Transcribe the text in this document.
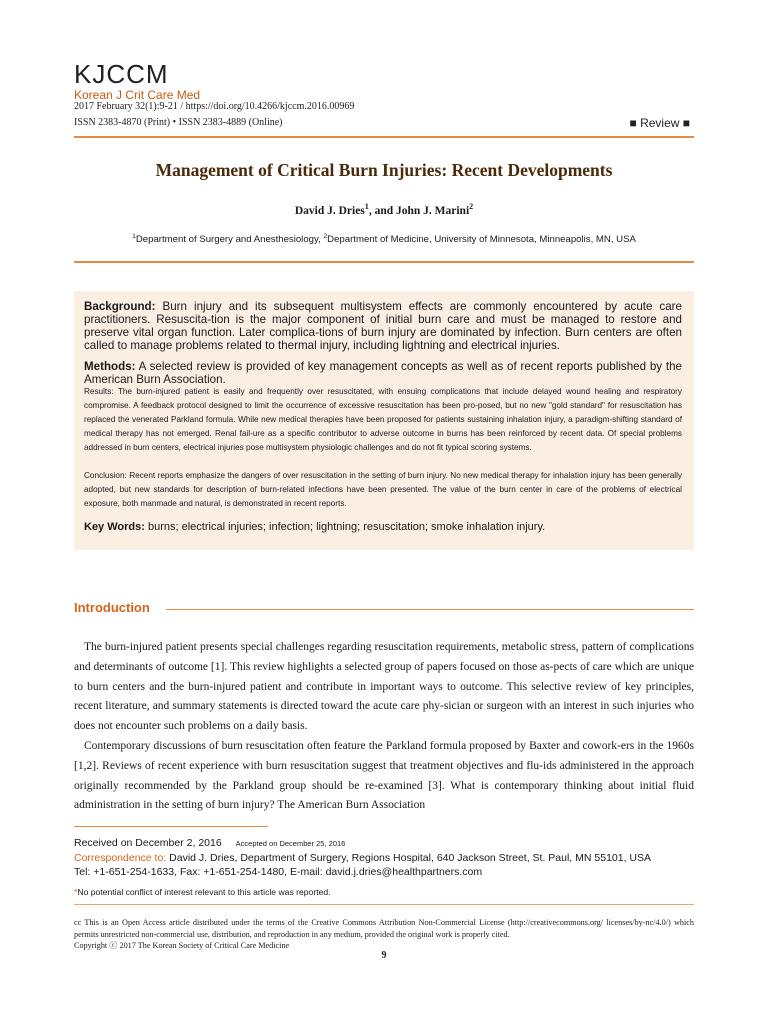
KJCCM
Korean J Crit Care Med
2017 February 32(1):9-21 / https://doi.org/10.4266/kjccm.2016.00969
ISSN 2383-4870 (Print) • ISSN 2383-4889 (Online)	■ Review ■
Management of Critical Burn Injuries: Recent Developments
David J. Dries$^1$, and John J. Marini$^2$
$^1$Department of Surgery and Anesthesiology, $^2$Department of Medicine, University of Minnesota, Minneapolis, MN, USA
Background: Burn injury and its subsequent multisystem effects are commonly encountered by acute care practitioners. Resuscita-tion is the major component of initial burn care and must be managed to restore and preserve vital organ function. Later complica-tions of burn injury are dominated by infection. Burn centers are often called to manage problems related to thermal injury, including lightning and electrical injuries.
Methods: A selected review is provided of key management concepts as well as of recent reports published by the American Burn Association.
Results: The burn-injured patient is easily and frequently over resuscitated, with ensuing complications that include delayed wound healing and respiratory compromise. A feedback protocol designed to limit the occurrence of excessive resuscitation has been pro-posed, but no new "gold standard" for resuscitation has replaced the venerated Parkland formula. While new medical therapies have been proposed for patients sustaining inhalation injury, a paradigm-shifting standard of medical therapy has not emerged. Renal fail-ure as a specific contributor to adverse outcome in burns has been reinforced by recent data. Of special problems addressed in burn centers, electrical injuries pose multisystem physiologic challenges and do not fit typical scoring systems.
Conclusion: Recent reports emphasize the dangers of over resuscitation in the setting of burn injury. No new medical therapy for inhalation injury has been generally adopted, but new standards for description of burn-related infections have been presented. The value of the burn center in care of the problems of electrical exposure, both manmade and natural, is demonstrated in recent reports.
Key Words: burns; electrical injuries; infection; lightning; resuscitation; smoke inhalation injury.
Introduction

The burn-injured patient presents special challenges regarding resuscitation requirements, metabolic stress, pattern of complications and determinants of outcome [1]. This review highlights a selected group of papers focused on those as-pects of care which are unique to burn centers and the burn-injured patient and contribute in important ways to outcome. This selective review of key principles, recent literature, and summary statements is directed toward the acute care phy-sician or surgeon with an interest in such injuries who does not encounter such problems on a daily basis.

Contemporary discussions of burn resuscitation often feature the Parkland formula proposed by Baxter and cowork-ers in the 1960s [1,2]. Reviews of recent experience with burn resuscitation suggest that treatment objectives and flu-ids administered in the approach originally recommended by the Parkland group should be re-examined [3]. What is contemporary thinking about initial fluid administration in the setting of burn injury? The American Burn Association

Received on December 2, 2016 Accepted on December 25, 2016
Correspondence to: David J. Dries, Department of Surgery, Regions Hospital, 640 Jackson Street, St. Paul, MN 55101, USA
Tel: +1-651-254-1633, Fax: +1-651-254-1480, E-mail: david.j.dries@healthpartners.com
*No potential conflict of interest relevant to this article was reported.
cc This is an Open Access article distributed under the terms of the Creative Commons Attribution Non-Commercial License (http://creativecommons.org/ licenses/by-nc/4.0/) which permits unrestricted non-commercial use, distribution, and reproduction in any medium, provided the original work is properly cited.
Copyright ⓒ 2017 The Korean Society of Critical Care Medicine
9
